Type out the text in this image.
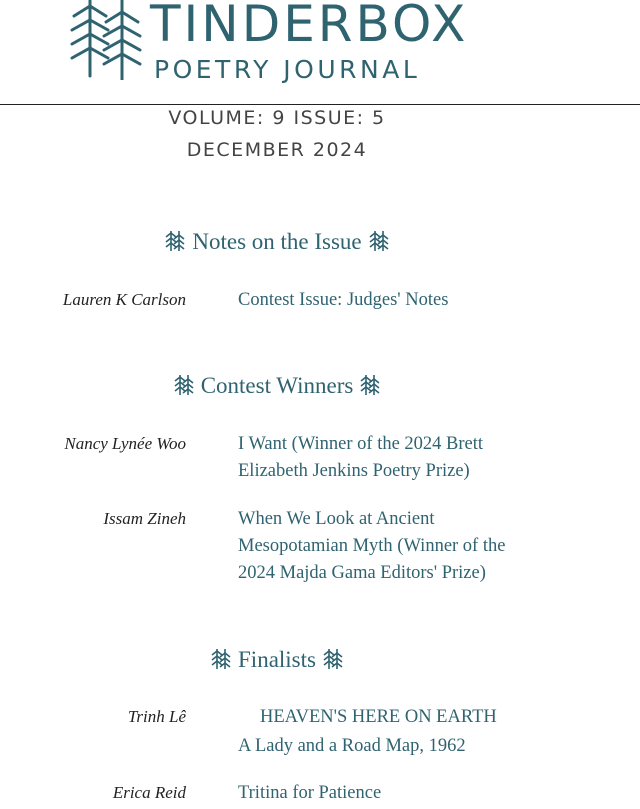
TINDERBOX
POETRY JOURNAL
VOLUME: 9 ISSUE: 5
DECEMBER 2024
Notes on the Issue
Lauren K Carlson	Contest Issue: Judges' Notes
Contest Winners
Nancy Lynée Woo	I Want (Winner of the 2024 Brett Elizabeth Jenkins Poetry Prize)
Issam Zineh	When We Look at Ancient Mesopotamian Myth (Winner of the 2024 Majda Gama Editors' Prize)
Finalists
Trinh Lê	HEAVEN'S HERE ON EARTH
A Lady and a Road Map, 1962
Erica Reid	Tritina for Patience
